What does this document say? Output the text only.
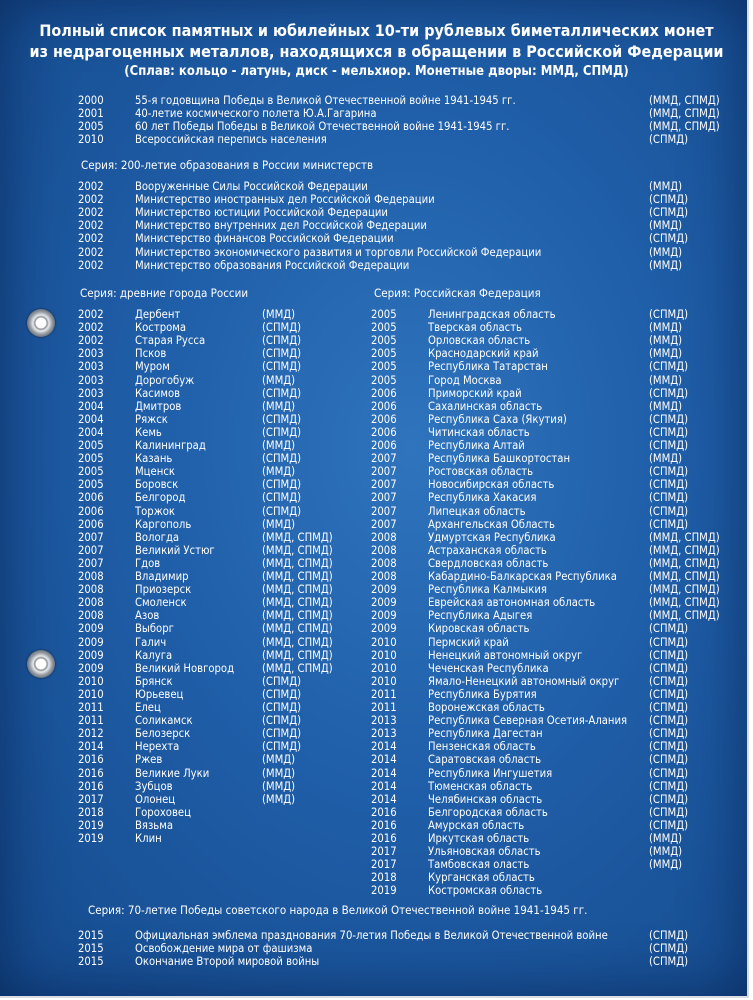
Полный список памятных и юбилейных 10-ти рублевых биметаллических монет
из недрагоценных металлов, находящихся в обращении в Российской Федерации
(Сплав: кольцо - латунь, диск - мельхиор. Монетные дворы: ММД, СПМД)
2000	55-я годовщина Победы в Великой Отечественной войне 1941-1945 гг.	(ММД, СПМД)
2001	40-летие космического полета Ю.А.Гагарина	(ММД, СПМД)
2005	60 лет Победы Победы в Великой Отечественной войне 1941-1945 гг.	(ММД, СПМД)
2010	Всероссийская перепись населения	(СПМД)
Серия: 200-летие образования в России министерств
2002	Вооруженные Силы Российской Федерации	(ММД)
2002	Министерство иностранных дел Российской Федерации	(СПМД)
2002	Министерство юстиции Российской Федерации	(СПМД)
2002	Министерство внутренних дел Российской Федерации	(ММД)
2002	Министерство финансов Российской Федерации	(СПМД)
2002	Министерство экономического развития и торговли Российской Федерации	(ММД)
2002	Министерство образования Российской Федерации	(ММД)
Серия: древние города России
2002	Дербент	(ММД)
2002	Кострома	(СПМД)
2002	Старая Русса	(СПМД)
2003	Псков	(СПМД)
2003	Муром	(СПМД)
2003	Дорогобуж	(ММД)
2003	Касимов	(СПМД)
2004	Дмитров	(ММД)
2004	Ряжск	(СПМД)
2004	Кемь	(СПМД)
2005	Калининград	(ММД)
2005	Казань	(СПМД)
2005	Мценск	(ММД)
2005	Боровск	(СПМД)
2006	Белгород	(СПМД)
2006	Торжок	(СПМД)
2006	Каргополь	(ММД)
2007	Вологда	(ММД, СПМД)
2007	Великий Устюг	(ММД, СПМД)
2007	Гдов	(ММД, СПМД)
2008	Владимир	(ММД, СПМД)
2008	Приозерск	(ММД, СПМД)
2008	Смоленск	(ММД, СПМД)
2008	Азов	(ММД, СПМД)
2009	Выборг	(ММД, СПМД)
2009	Галич	(ММД, СПМД)
2009	Калуга	(ММД, СПМД)
2009	Великий Новгород (ММД, СПМД)
2010	Брянск	(СПМД)
2010	Юрьевец	(СПМД)
2011	Елец	(СПМД)
2011	Соликамск	(СПМД)
2012	Белозерск	(СПМД)
2014	Нерехта	(СПМД)
2016	Ржев	(ММД)
2016	Великие Луки	(ММД)
2016	Зубцов	(ММД)
2017	Олонец	(ММД)
2018	Гороховец
2019	Вязьма
2019	Клин
Серия: Российская Федерация
2005	Ленинградская область	(СПМД)
2005	Тверская область	(ММД)
2005	Орловская область	(ММД)
2005	Краснодарский край	(ММД)
2005	Республика Татарстан	(СПМД)
2005	Город Москва	(ММД)
2006	Приморский край	(СПМД)
2006	Сахалинская область	(ММД)
2006	Республика Саха (Якутия)	(СПМД)
2006	Читинская область	(СПМД)
2006	Республика Алтай	(СПМД)
2007	Республика Башкортостан	(ММД)
2007	Ростовская область	(СПМД)
2007	Новосибирская область	(СПМД)
2007	Республика Хакасия	(СПМД)
2007	Липецкая область	(СПМД)
2007	Архангельская Область	(СПМД)
2008	Удмуртская Республика	(ММД, СПМД)
2008	Астраханская область	(ММД, СПМД)
2008	Свердловская область	(ММД, СПМД)
2008	Кабардино-Балкарская Республика	(ММД, СПМД)
2009	Республика Калмыкия	(ММД, СПМД)
2009	Еврейская автономная область	(ММД, СПМД)
2009	Республика Адыгея	(ММД, СПМД)
2009	Кировская область	(СПМД)
2010	Пермский край	(СПМД)
2010	Ненецкий автономный округ	(СПМД)
2010	Чеченская Республика	(СПМД)
2010	Ямало-Ненецкий автономный округ	(СПМД)
2011	Республика Бурятия	(СПМД)
2011	Воронежская область	(СПМД)
2013	Республика Северная Осетия-Алания (СПМД)
2013	Республика Дагестан	(СПМД)
2014	Пензенская область	(СПМД)
2014	Саратовская область	(СПМД)
2014	Республика Ингушетия	(СПМД)
2014	Тюменская область	(СПМД)
2014	Челябинская область	(СПМД)
2016	Белгородская область	(СПМД)
2016	Амурская область	(СПМД)
2016	Иркутская область	(ММД)
2017	Ульяновская область	(ММД)
2017	Тамбовская оласть	(ММД)
2018	Курганская область
2019	Костромская область
Серия: 70-летие Победы советского народа в Великой Отечественной войне 1941-1945 гг.
2015	Официальная эмблема празднования 70-летия Победы в Великой Отечественной войне	(СПМД)
2015	Освобождение мира от фашизма	(СПМД)
2015	Окончание Второй мировой войны	(СПМД)
